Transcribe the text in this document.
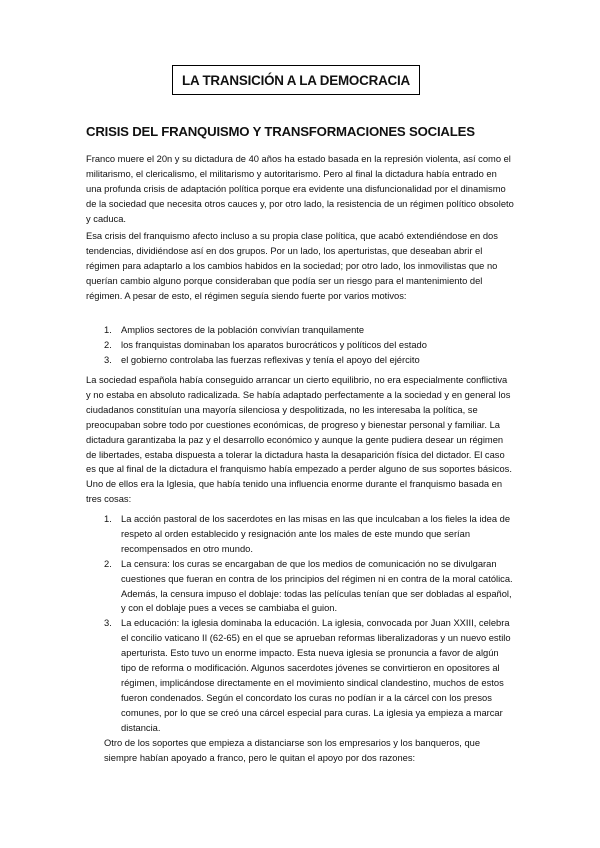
LA TRANSICIÓN A LA DEMOCRACIA
CRISIS DEL FRANQUISMO Y TRANSFORMACIONES SOCIALES

Franco muere el 20n y su dictadura de 40 años ha estado basada en la represión violenta, así como el militarismo, el clericalismo, el militarismo y autoritarismo. Pero al final la dictadura había entrado en una profunda crisis de adaptación política porque era evidente una disfuncionalidad por el dinamismo de la sociedad que necesita otros cauces y, por otro lado, la resistencia de un régimen político obsoleto y caduca.

Esa crisis del franquismo afecto incluso a su propia clase política, que acabó extendiéndose en dos tendencias, dividiéndose así en dos grupos. Por un lado, los aperturistas, que deseaban abrir el régimen para adaptarlo a los cambios habidos en la sociedad; por otro lado, los inmovilistas que no querían cambio alguno porque consideraban que podía ser un riesgo para el mantenimiento del régimen. A pesar de esto, el régimen seguía siendo fuerte por varios motivos:

1. Amplios sectores de la población convivían tranquilamente
2. los franquistas dominaban los aparatos burocráticos y políticos del estado
3. el gobierno controlaba las fuerzas reflexivas y tenía el apoyo del ejército

La sociedad española había conseguido arrancar un cierto equilibrio, no era especialmente conflictiva y no estaba en absoluto radicalizada. Se había adaptado perfectamente a la sociedad y en general los ciudadanos constituían una mayoría silenciosa y despolitizada, no les interesaba la política, se preocupaban sobre todo por cuestiones económicas, de progreso y bienestar personal y familiar. La dictadura garantizaba la paz y el desarrollo económico y aunque la gente pudiera desear un régimen de libertades, estaba dispuesta a tolerar la dictadura hasta la desaparición física del dictador. El caso es que al final de la dictadura el franquismo había empezado a perder alguno de sus soportes básicos. Uno de ellos era la Iglesia, que había tenido una influencia enorme durante el franquismo basada en tres cosas:

1. La acción pastoral de los sacerdotes en las misas en las que inculcaban a los fieles la idea de respeto al orden establecido y resignación ante los males de este mundo que serían recompensados en otro mundo.
2. La censura: los curas se encargaban de que los medios de comunicación no se divulgaran cuestiones que fueran en contra de los principios del régimen ni en contra de la moral católica. Además, la censura impuso el doblaje: todas las películas tenían que ser dobladas al español, y con el doblaje pues a veces se cambiaba el guion.
3. La educación: la iglesia dominaba la educación. La iglesia, convocada por Juan XXIII, celebra el concilio vaticano II (62-65) en el que se aprueban reformas liberalizadoras y un nuevo estilo aperturista. Esto tuvo un enorme impacto. Esta nueva iglesia se pronuncia a favor de algún tipo de reforma o modificación. Algunos sacerdotes jóvenes se convirtieron en opositores al régimen, implicándose directamente en el movimiento sindical clandestino, muchos de estos fueron condenados. Según el concordato los curas no podían ir a la cárcel con los presos comunes, por lo que se creó una cárcel especial para curas. La iglesia ya empieza a marcar distancia.

Otro de los soportes que empieza a distanciarse son los empresarios y los banqueros, que siempre habían apoyado a franco, pero le quitan el apoyo por dos razones:
